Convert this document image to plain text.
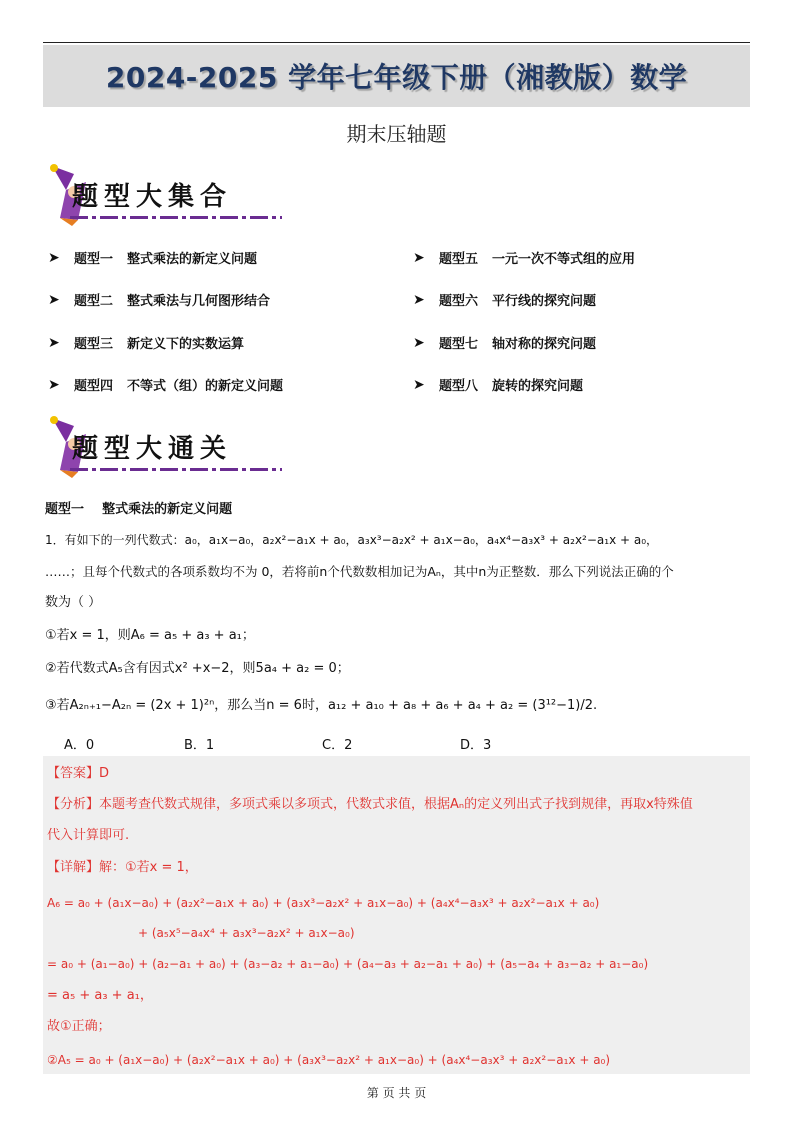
2024-2025 学年七年级下册（湘教版）数学
期末压轴题
题型大集合
➤ 题型一 整式乘法的新定义问题
➤ 题型二 整式乘法与几何图形结合
➤ 题型三 新定义下的实数运算
➤ 题型四 不等式（组）的新定义问题
➤ 题型五 一元一次不等式组的应用
➤ 题型六 平行线的探究问题
➤ 题型七 轴对称的探究问题
➤ 题型八 旋转的探究问题
题型大通关
题型一    整式乘法的新定义问题
1．有如下的一列代数式：a₀，a₁x−a₀，a₂x²−a₁x + a₀，a₃x³−a₂x² + a₁x−a₀，a₄x⁴−a₃x³ + a₂x²−a₁x + a₀，
……；且每个代数式的各项系数均不为 0，若将前n个代数数相加记为Aₙ，其中n为正整数．那么下列说法正确的个
数为（ ）
①若x = 1，则A₆ = a₅ + a₃ + a₁；
②若代数式A₅含有因式x² +x−2，则5a₄ + a₂ = 0；
③若A₂ₙ₊₁−A₂ₙ = (2x + 1)²ⁿ，那么当n = 6时，a₁₂ + a₁₀ + a₈ + a₆ + a₄ + a₂ = (3¹²−1)/2.
A．0	B．1	C．2	D．3
【答案】D
【分析】本题考查代数式规律，多项式乘以多项式，代数式求值，根据Aₙ的定义列出式子找到规律，再取x特殊值
代入计算即可.
【详解】解：①若x = 1，
A₆ = a₀ + (a₁x−a₀) + (a₂x²−a₁x + a₀) + (a₃x³−a₂x² + a₁x−a₀) + (a₄x⁴−a₃x³ + a₂x²−a₁x + a₀)
+ (a₅x⁵−a₄x⁴ + a₃x³−a₂x² + a₁x−a₀)
= a₀ + (a₁−a₀) + (a₂−a₁ + a₀) + (a₃−a₂ + a₁−a₀) + (a₄−a₃ + a₂−a₁ + a₀) + (a₅−a₄ + a₃−a₂ + a₁−a₀)
= a₅ + a₃ + a₁，
故①正确；
②A₅ = a₀ + (a₁x−a₀) + (a₂x²−a₁x + a₀) + (a₃x³−a₂x² + a₁x−a₀) + (a₄x⁴−a₃x³ + a₂x²−a₁x + a₀)
第 页 共 页
